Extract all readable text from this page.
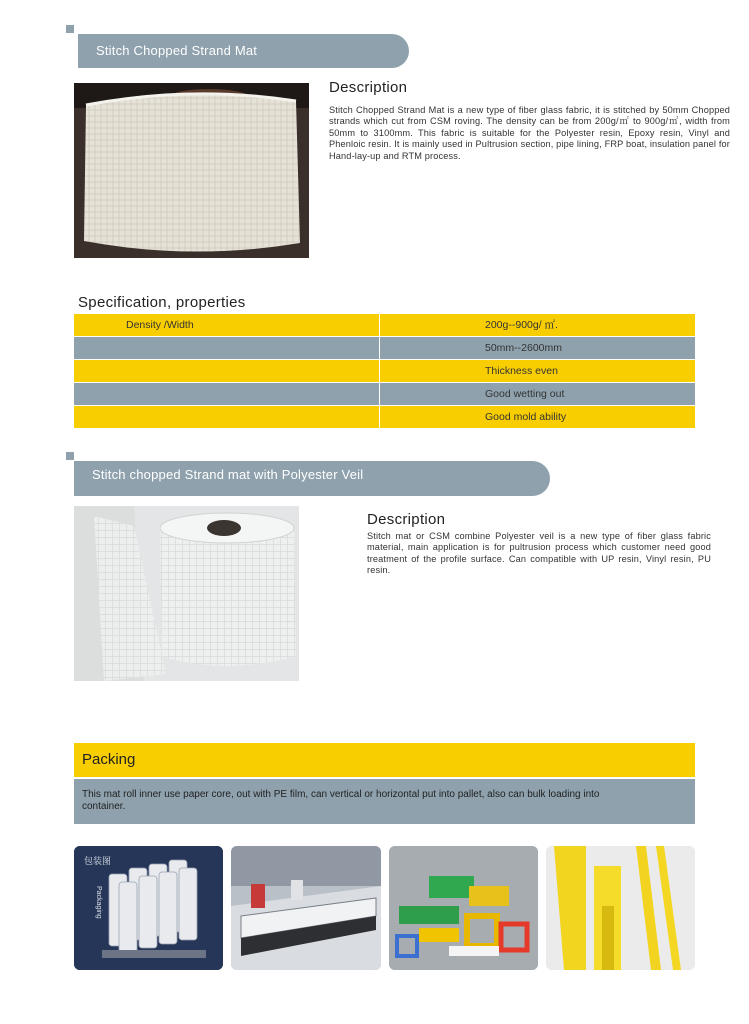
Stitch Chopped Strand Mat
Description
Stitch Chopped Strand Mat is a new type of fiber glass fabric, it is stitched by 50mm Chopped strands which cut from CSM roving. The density can be from 200g/㎡ to 900g/㎡, width from 50mm to 3100mm. This fabric is suitable for the Polyester resin, Epoxy resin, Vinyl and Phenloic resin. It is mainly used in Pultrusion section, pipe lining, FRP boat, insulation panel for Hand-lay-up and RTM process.
Specification, properties
Density /Width	200g--900g/ ㎡.
50mm--2600mm
Thickness even
Good wetting out
Good mold ability
Stitch chopped Strand mat with Polyester Veil
Description
Stitch mat or CSM combine Polyester veil is a new type of fiber glass fabric material, main application is for pultrusion process which customer need good treatment of the profile surface. Can compatible with UP resin, Vinyl resin, PU resin.
Packing
This mat roll inner use paper core, out with PE film, can vertical or horizontal put into pallet, also can bulk loading into container.
包装图
Packaging
